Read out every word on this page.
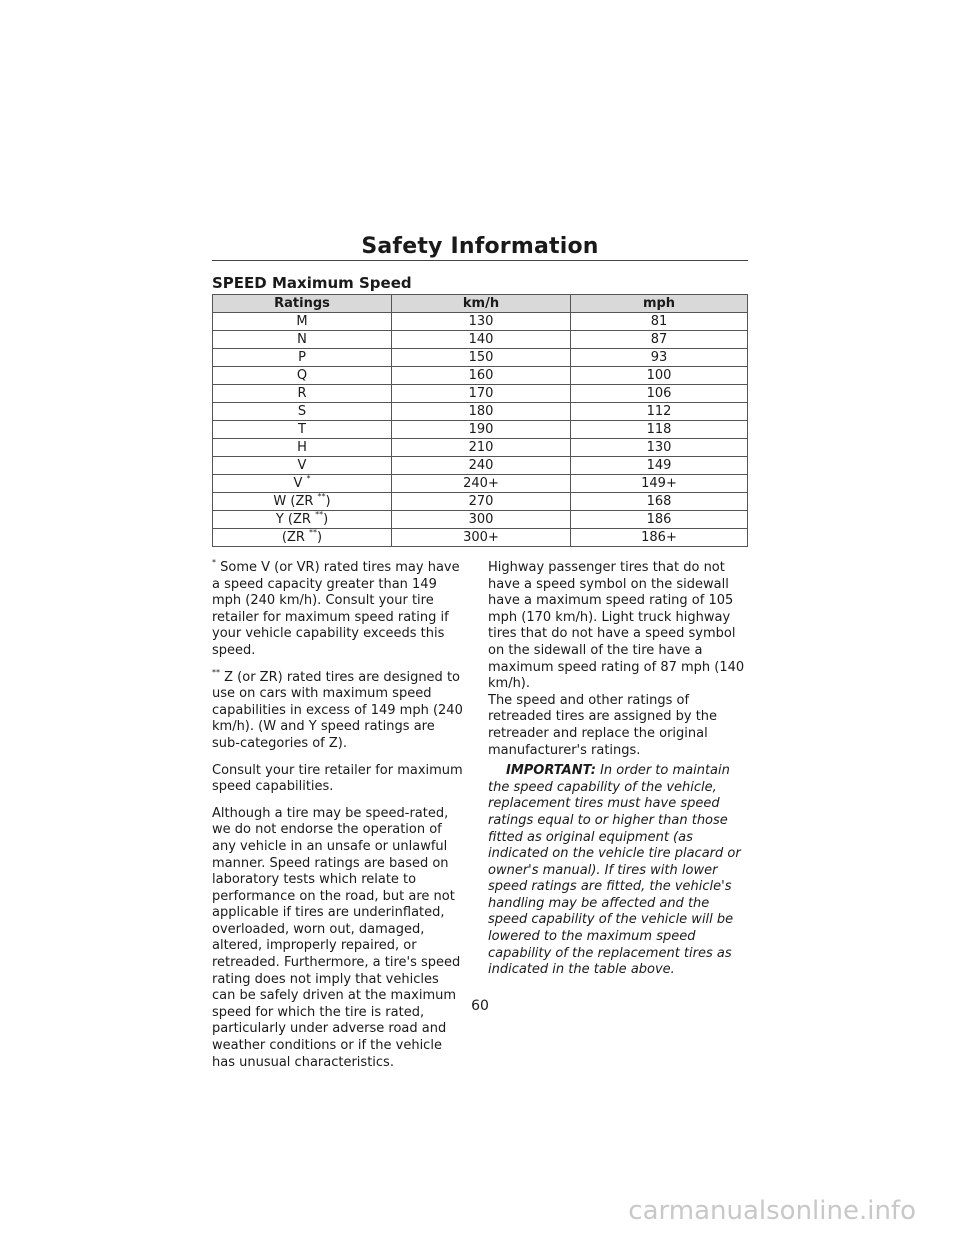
Safety Information
SPEED Maximum Speed
Ratings	km/h	mph
M	130	81
N	140	87
P	150	93
Q	160	100
R	170	106
S	180	112
T	190	118
H	210	130
V	240	149
V *	240+	149+
W (ZR **)	270	168
Y (ZR **)	300	186
(ZR **)	300+	186+

* Some V (or VR) rated tires may have a speed capacity greater than 149 mph (240 km/h). Consult your tire retailer for maximum speed rating if your vehicle capability exceeds this speed.

** Z (or ZR) rated tires are designed to use on cars with maximum speed capabilities in excess of 149 mph (240 km/h). (W and Y speed ratings are sub-categories of Z).

Consult your tire retailer for maximum speed capabilities.

Although a tire may be speed-rated, we do not endorse the operation of any vehicle in an unsafe or unlawful manner. Speed ratings are based on laboratory tests which relate to performance on the road, but are not applicable if tires are underinflated, overloaded, worn out, damaged, altered, improperly repaired, or retreaded. Furthermore, a tire's speed rating does not imply that vehicles can be safely driven at the maximum speed for which the tire is rated, particularly under adverse road and weather conditions or if the vehicle has unusual characteristics.

Highway passenger tires that do not have a speed symbol on the sidewall have a maximum speed rating of 105 mph (170 km/h). Light truck highway tires that do not have a speed symbol on the sidewall of the tire have a maximum speed rating of 87 mph (140 km/h).

The speed and other ratings of retreaded tires are assigned by the retreader and replace the original manufacturer's ratings.

IMPORTANT: In order to maintain the speed capability of the vehicle, replacement tires must have speed ratings equal to or higher than those fitted as original equipment (as indicated on the vehicle tire placard or owner's manual). If tires with lower speed ratings are fitted, the vehicle's handling may be affected and the speed capability of the vehicle will be lowered to the maximum speed capability of the replacement tires as indicated in the table above.

60
carmanualsonline.info
